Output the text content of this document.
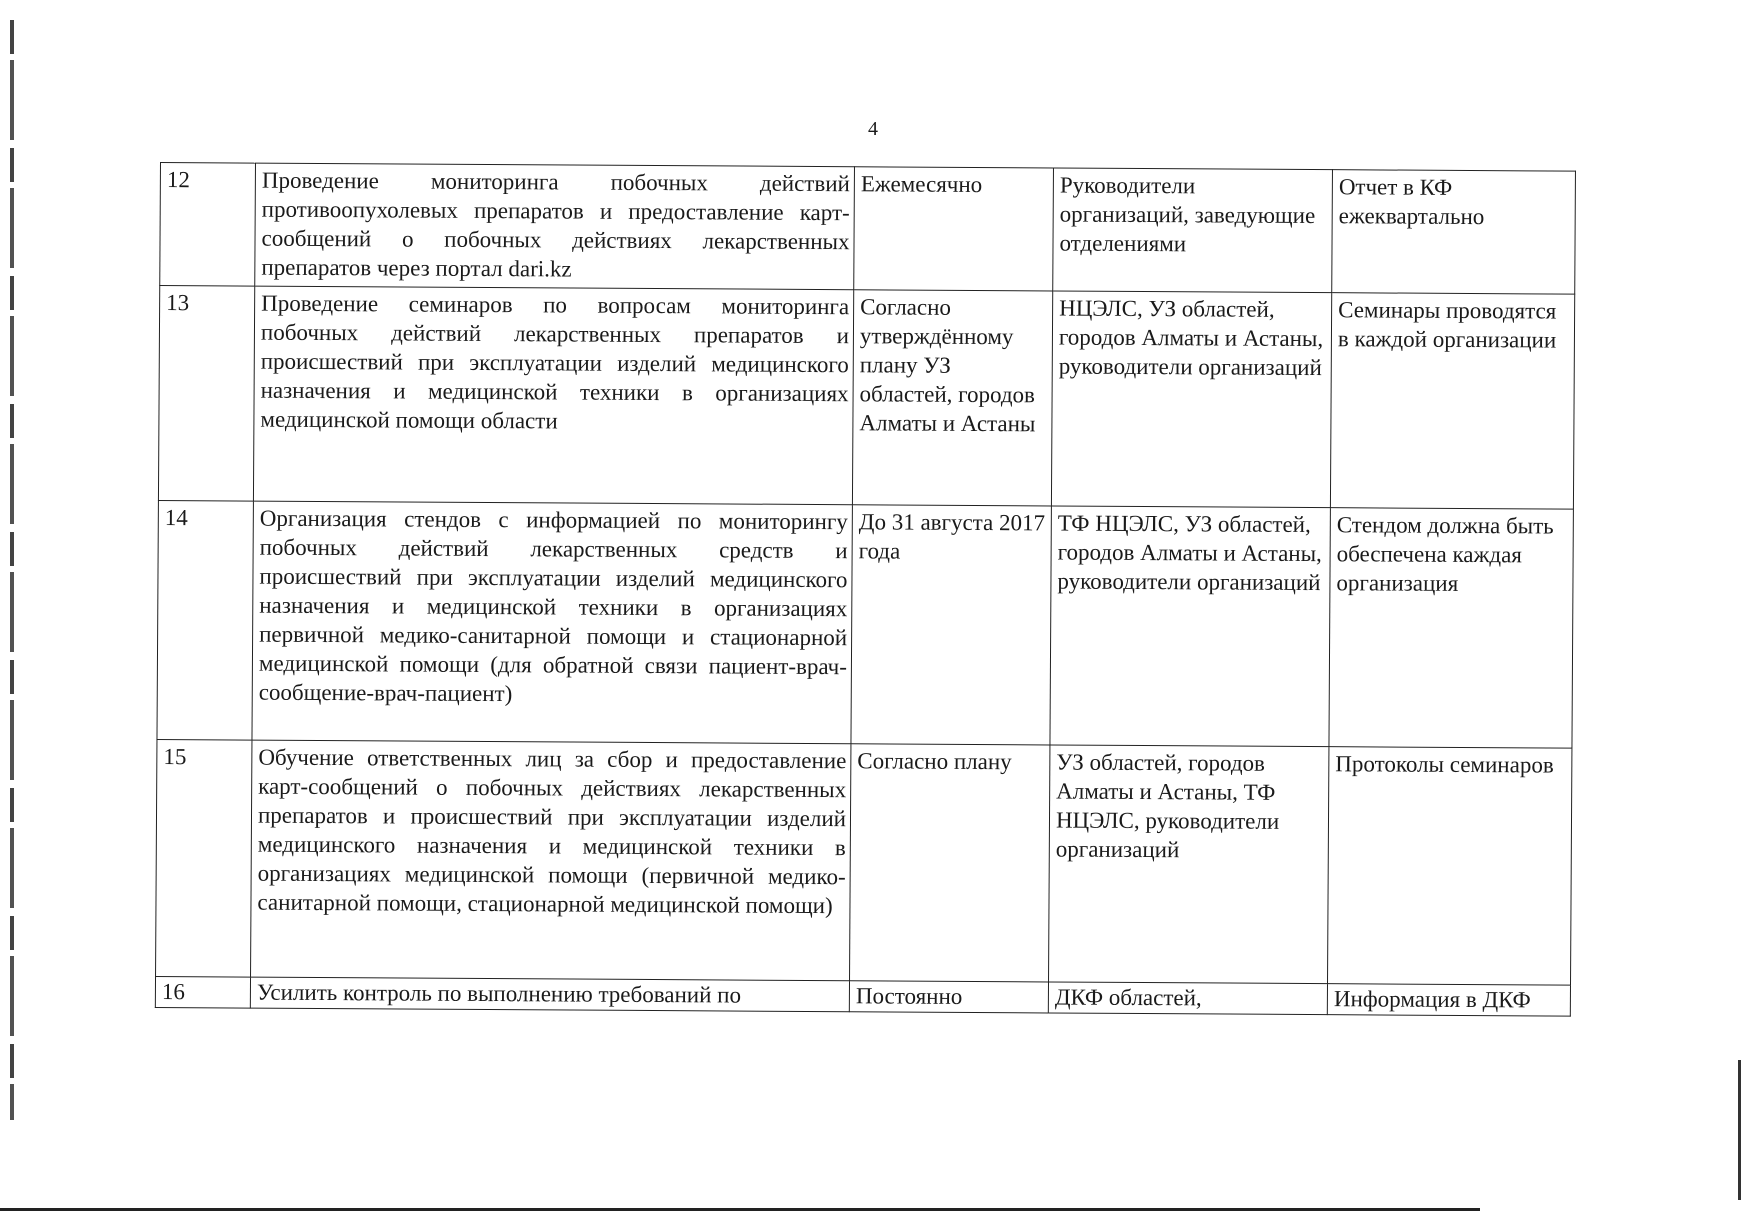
4
12	Проведение мониторинга побочных действий противоопухолевых препаратов и предоставление карт-сообщений о побочных действиях лекарственных препаратов через портал dari.kz	Ежемесячно	Руководители организаций, заведующие отделениями	Отчет в КФ ежеквартально
13	Проведение семинаров по вопросам мониторинга побочных действий лекарственных препаратов и происшествий при эксплуатации изделий медицинского назначения и медицинской техники в организациях медицинской помощи области	Согласно утверждённому плану УЗ областей, городов Алматы и Астаны	НЦЭЛС, УЗ областей, городов Алматы и Астаны, руководители организаций	Семинары проводятся в каждой организации
14	Организация стендов с информацией по мониторингу побочных действий лекарственных средств и происшествий при эксплуатации изделий медицинского назначения и медицинской техники в организациях первичной медико-санитарной помощи и стационарной медицинской помощи (для обратной связи пациент-врач-сообщение-врач-пациент)	До 31 августа 2017 года	ТФ НЦЭЛС, УЗ областей, городов Алматы и Астаны, руководители организаций	Стендом должна быть обеспечена каждая организация
15	Обучение ответственных лиц за сбор и предоставление карт-сообщений о побочных действиях лекарственных препаратов и происшествий при эксплуатации изделий медицинского назначения и медицинской техники в организациях медицинской помощи (первичной медико-санитарной помощи, стационарной медицинской помощи)	Согласно плану	УЗ областей, городов Алматы и Астаны, ТФ НЦЭЛС, руководители организаций	Протоколы семинаров
16	Усилить контроль по выполнению требований по	Постоянно	ДКФ областей,	Информация в ДКФ
